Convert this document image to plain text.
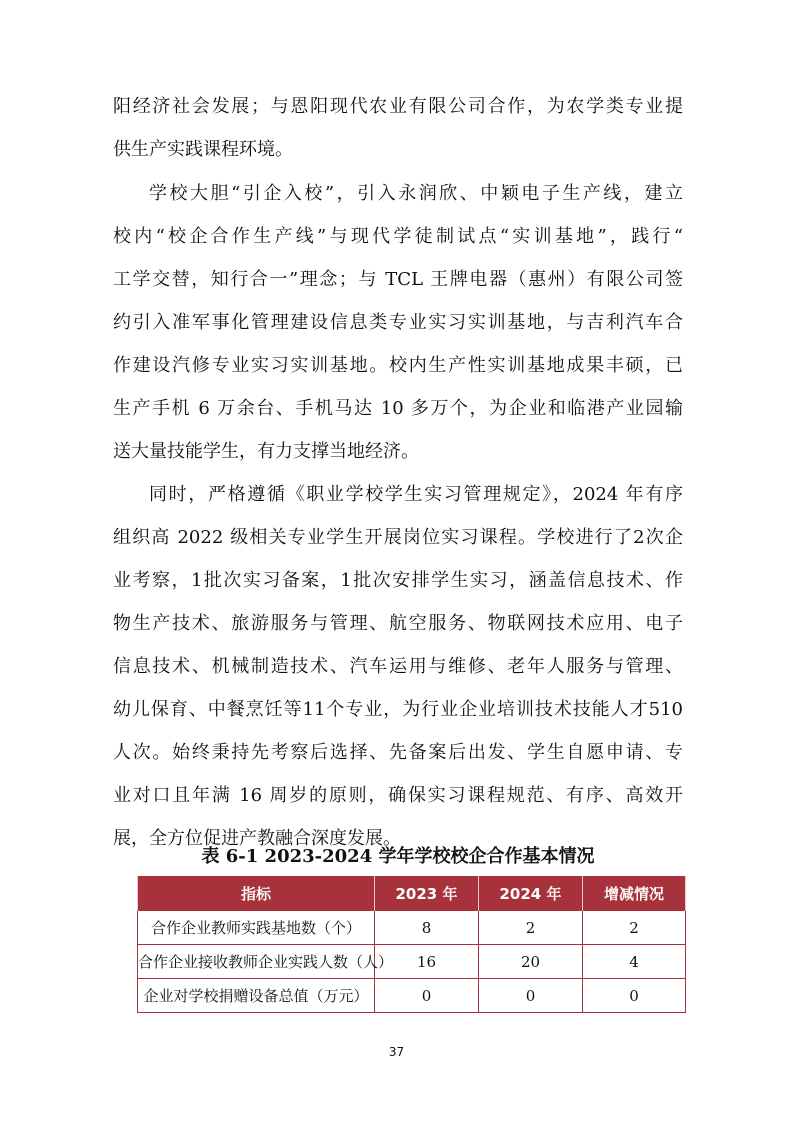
阳经济社会发展；与恩阳现代农业有限公司合作，为农学类专业提
供生产实践课程环境。
学校大胆“引企入校”，引入永润欣、中颖电子生产线，建立
校内“校企合作生产线”与现代学徒制试点“实训基地”，践行“
工学交替，知行合一”理念；与 TCL 王牌电器（惠州）有限公司签
约引入准军事化管理建设信息类专业实习实训基地，与吉利汽车合
作建设汽修专业实习实训基地。校内生产性实训基地成果丰硕，已
生产手机 6 万余台、手机马达 10 多万个，为企业和临港产业园输
送大量技能学生，有力支撑当地经济。
同时，严格遵循《职业学校学生实习管理规定》，2024 年有序
组织高 2022 级相关专业学生开展岗位实习课程。学校进行了2次企
业考察，1批次实习备案，1批次安排学生实习，涵盖信息技术、作
物生产技术、旅游服务与管理、航空服务、物联网技术应用、电子
信息技术、机械制造技术、汽车运用与维修、老年人服务与管理、
幼儿保育、中餐烹饪等11个专业，为行业企业培训技术技能人才510
人次。始终秉持先考察后选择、先备案后出发、学生自愿申请、专
业对口且年满 16 周岁的原则，确保实习课程规范、有序、高效开
展，全方位促进产教融合深度发展。
表 6-1 2023-2024 学年学校校企合作基本情况
指标	2023 年	2024 年	增减情况
合作企业教师实践基地数（个）	8	2	2
合作企业接收教师企业实践人数（人）	16	20	4
企业对学校捐赠设备总值（万元）	0	0	0
37
